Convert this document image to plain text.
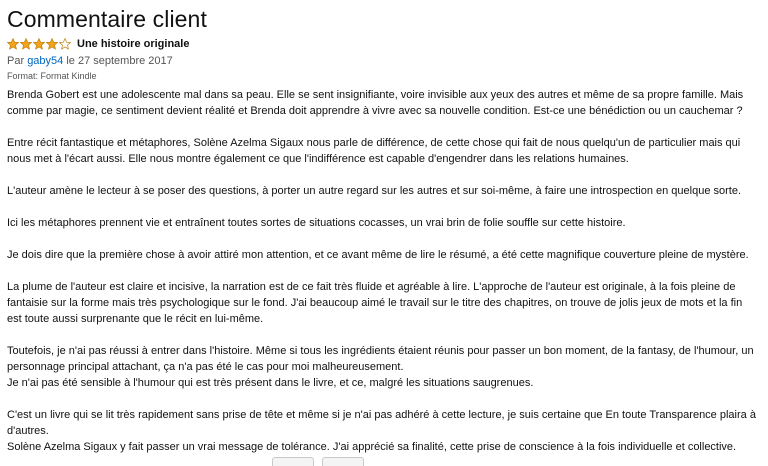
Commentaire client
Une histoire originale
Par gaby54 le 27 septembre 2017
Format: Format Kindle

Brenda Gobert est une adolescente mal dans sa peau. Elle se sent insignifiante, voire invisible aux yeux des autres et même de sa propre famille. Mais comme par magie, ce sentiment devient réalité et Brenda doit apprendre à vivre avec sa nouvelle condition. Est-ce une bénédiction ou un cauchemar ?

Entre récit fantastique et métaphores, Solène Azelma Sigaux nous parle de différence, de cette chose qui fait de nous quelqu'un de particulier mais qui nous met à l'écart aussi. Elle nous montre également ce que l'indifférence est capable d'engendrer dans les relations humaines.

L'auteur amène le lecteur à se poser des questions, à porter un autre regard sur les autres et sur soi-même, à faire une introspection en quelque sorte.

Ici les métaphores prennent vie et entraînent toutes sortes de situations cocasses, un vrai brin de folie souffle sur cette histoire.

Je dois dire que la première chose à avoir attiré mon attention, et ce avant même de lire le résumé, a été cette magnifique couverture pleine de mystère.

La plume de l'auteur est claire et incisive, la narration est de ce fait très fluide et agréable à lire. L'approche de l'auteur est originale, à la fois pleine de fantaisie sur la forme mais très psychologique sur le fond. J'ai beaucoup aimé le travail sur le titre des chapitres, on trouve de jolis jeux de mots et la fin est toute aussi surprenante que le récit en lui-même.

Toutefois, je n'ai pas réussi à entrer dans l'histoire. Même si tous les ingrédients étaient réunis pour passer un bon moment, de la fantasy, de l'humour, un personnage principal attachant, ça n'a pas été le cas pour moi malheureusement.

Je n'ai pas été sensible à l'humour qui est très présent dans le livre, et ce, malgré les situations saugrenues.

C'est un livre qui se lit très rapidement sans prise de tête et même si je n'ai pas adhéré à cette lecture, je suis certaine que En toute Transparence plaira à d'autres.

Solène Azelma Sigaux y fait passer un vrai message de tolérance. J'ai apprécié sa finalité, cette prise de conscience à la fois individuelle et collective.
